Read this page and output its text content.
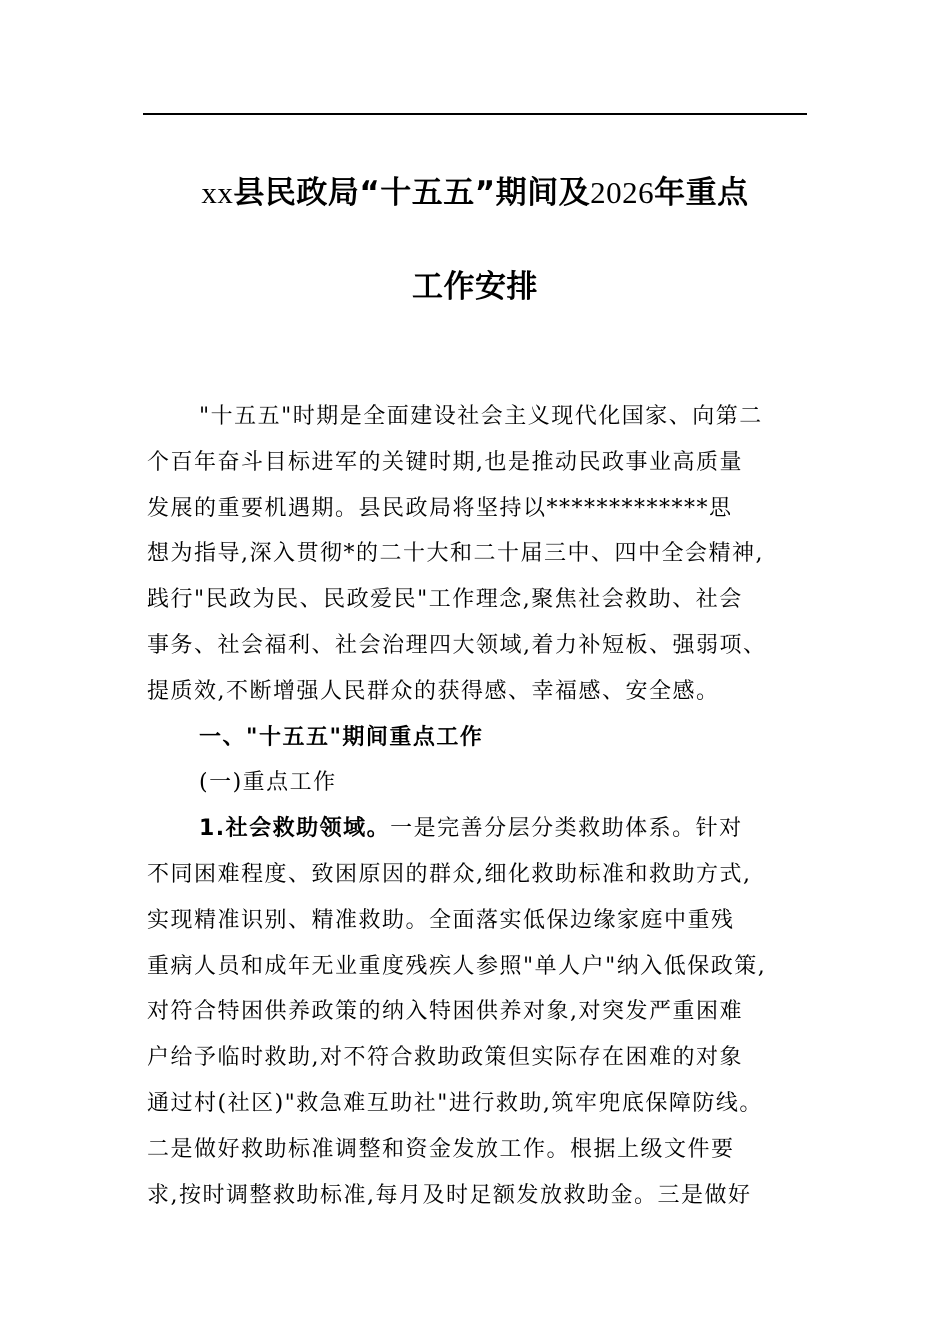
xx县民政局“十五五”期间及2026年重点
工作安排
"十五五"时期是全面建设社会主义现代化国家、向第二
个百年奋斗目标进军的关键时期,也是推动民政事业高质量
发展的重要机遇期。县民政局将坚持以*************思
想为指导,深入贯彻*的二十大和二十届三中、四中全会精神,
践行"民政为民、民政爱民"工作理念,聚焦社会救助、社会
事务、社会福利、社会治理四大领域,着力补短板、强弱项、
提质效,不断增强人民群众的获得感、幸福感、安全感。
一、"十五五"期间重点工作
(一)重点工作
1.社会救助领域。一是完善分层分类救助体系。针对
不同困难程度、致困原因的群众,细化救助标准和救助方式,
实现精准识别、精准救助。全面落实低保边缘家庭中重残
重病人员和成年无业重度残疾人参照"单人户"纳入低保政策,
对符合特困供养政策的纳入特困供养对象,对突发严重困难
户给予临时救助,对不符合救助政策但实际存在困难的对象
通过村(社区)"救急难互助社"进行救助,筑牢兜底保障防线。
二是做好救助标准调整和资金发放工作。根据上级文件要
求,按时调整救助标准,每月及时足额发放救助金。三是做好
